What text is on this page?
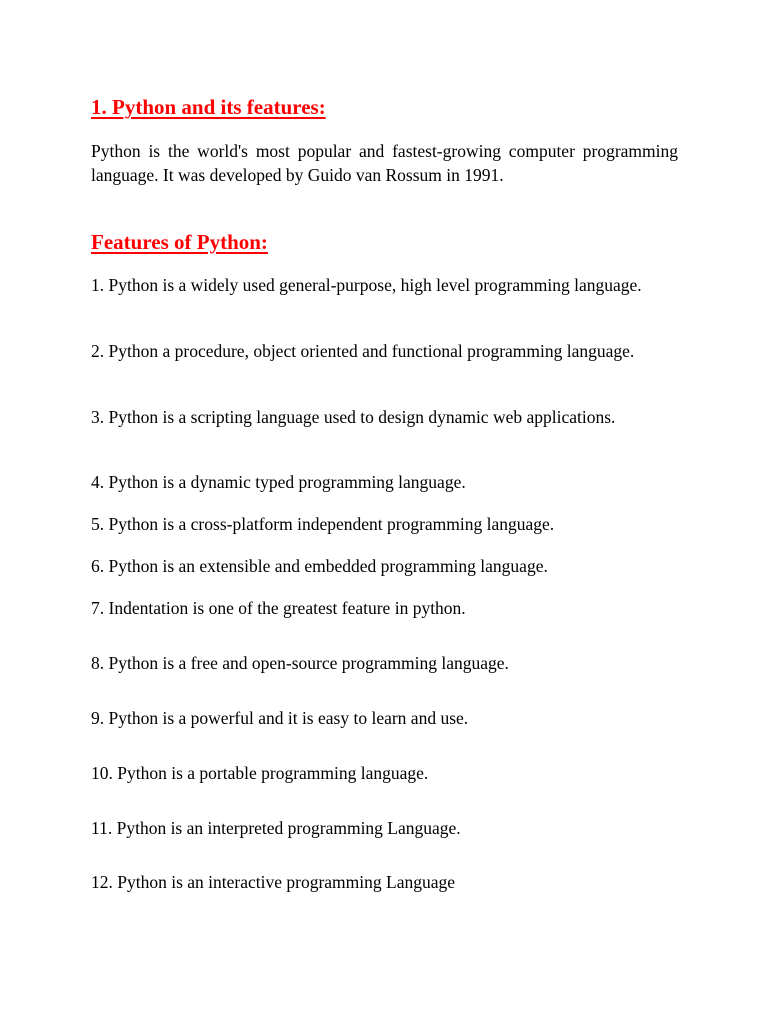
1. Python and its features:

Python is the world's most popular and fastest-growing computer programming language. It was developed by Guido van Rossum in 1991.

Features of Python:

1. Python is a widely used general-purpose, high level programming language.

2. Python a procedure, object oriented and functional programming language.

3. Python is a scripting language used to design dynamic web applications.

4. Python is a dynamic typed programming language.

5. Python is a cross-platform independent programming language.

6. Python is an extensible and embedded programming language.

7. Indentation is one of the greatest feature in python.

8. Python is a free and open-source programming language.

9. Python is a powerful and it is easy to learn and use.

10. Python is a portable programming language.

11. Python is an interpreted programming Language.

12. Python is an interactive programming Language
